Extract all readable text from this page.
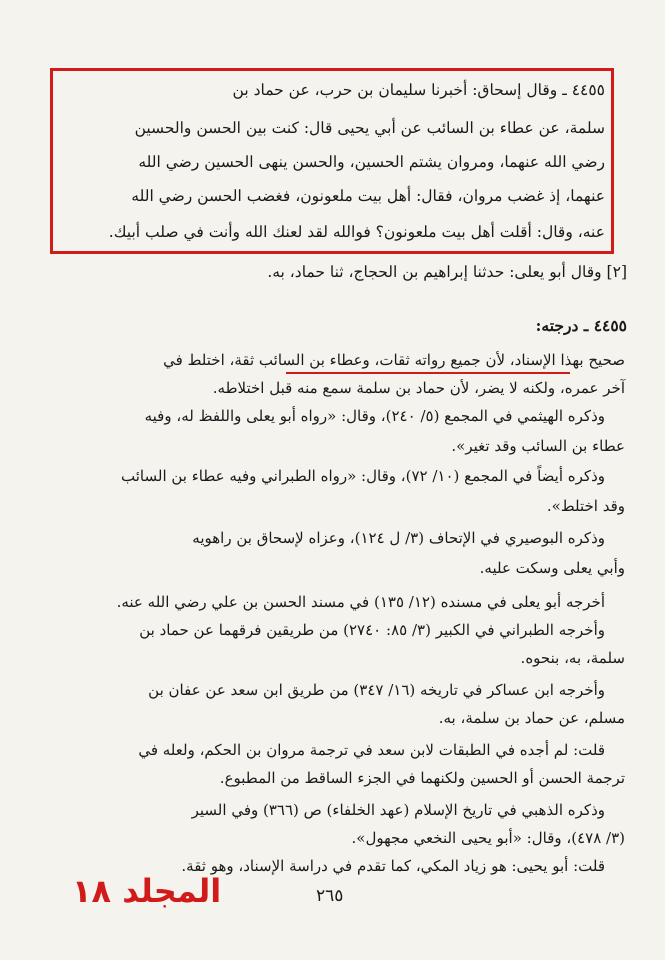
٤٤٥٥ ـ وقال إسحاق: أخبرنا سليمان بن حرب، عن حماد بن
سلمة، عن عطاء بن السائب عن أبي يحيى قال: كنت بين الحسن والحسين
رضي الله عنهما، ومروان يشتم الحسين، والحسن ينهى الحسين رضي الله
عنهما، إذ غضب مروان، فقال: أهل بيت ملعونون، فغضب الحسن رضي الله
عنه، وقال: أقلت أهل بيت ملعونون؟ فوالله لقد لعنك الله وأنت في صلب أبيك.
[٢] وقال أبو يعلى: حدثنا إبراهيم بن الحجاج، ثنا حماد، به.
٤٤٥٥ ـ درجته:
صحيح بهذا الإسناد، لأن جميع رواته ثقات، وعطاء بن السائب ثقة، اختلط في
آخر عمره، ولكنه لا يضر، لأن حماد بن سلمة سمع منه قبل اختلاطه.
وذكره الهيثمي في المجمع (٥/ ٢٤٠)، وقال: «رواه أبو يعلى واللفظ له، وفيه
عطاء بن السائب وقد تغير».
وذكره أيضاً في المجمع (١٠/ ٧٢)، وقال: «رواه الطبراني وفيه عطاء بن السائب
وقد اختلط».
وذكره البوصيري في الإتحاف (٣/ ل ١٢٤)، وعزاه لإسحاق بن راهويه
وأبي يعلى وسكت عليه.
أخرجه أبو يعلى في مسنده (١٢/ ١٣٥) في مسند الحسن بن علي رضي الله عنه.
وأخرجه الطبراني في الكبير (٣/ ٨٥: ٢٧٤٠) من طريقين فرقهما عن حماد بن
سلمة، به، بنحوه.
وأخرجه ابن عساكر في تاريخه (١٦/ ٣٤٧) من طريق ابن سعد عن عفان بن
مسلم، عن حماد بن سلمة، به.
قلت: لم أجده في الطبقات لابن سعد في ترجمة مروان بن الحكم، ولعله في
ترجمة الحسن أو الحسين ولكنهما في الجزء الساقط من المطبوع.
وذكره الذهبي في تاريخ الإسلام (عهد الخلفاء) ص (٣٦٦) وفي السير
(٣/ ٤٧٨)، وقال: «أبو يحيى النخعي مجهول».
قلت: أبو يحيى: هو زياد المكي، كما تقدم في دراسة الإسناد، وهو ثقة.
٢٦٥
المجلد ١٨
